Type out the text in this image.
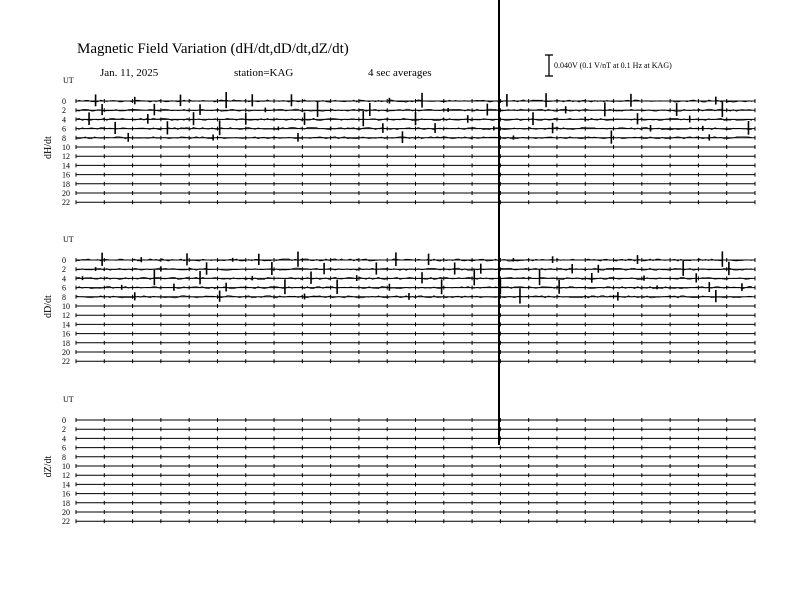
Magnetic Field Variation (dH/dt,dD/dt,dZ/dt)
Jan. 11, 2025	station=KAG	4 sec averages
0.040V (0.1 V/nT at 0.1 Hz at KAG)
UT
dH/dt
0
2
4
6
8
10
12
14
16
18
20
22
UT
dD/dt
0
2
4
6
8
10
12
14
16
18
20
22
UT
dZ/dt
0
2
4
6
8
10
12
14
16
18
20
22
